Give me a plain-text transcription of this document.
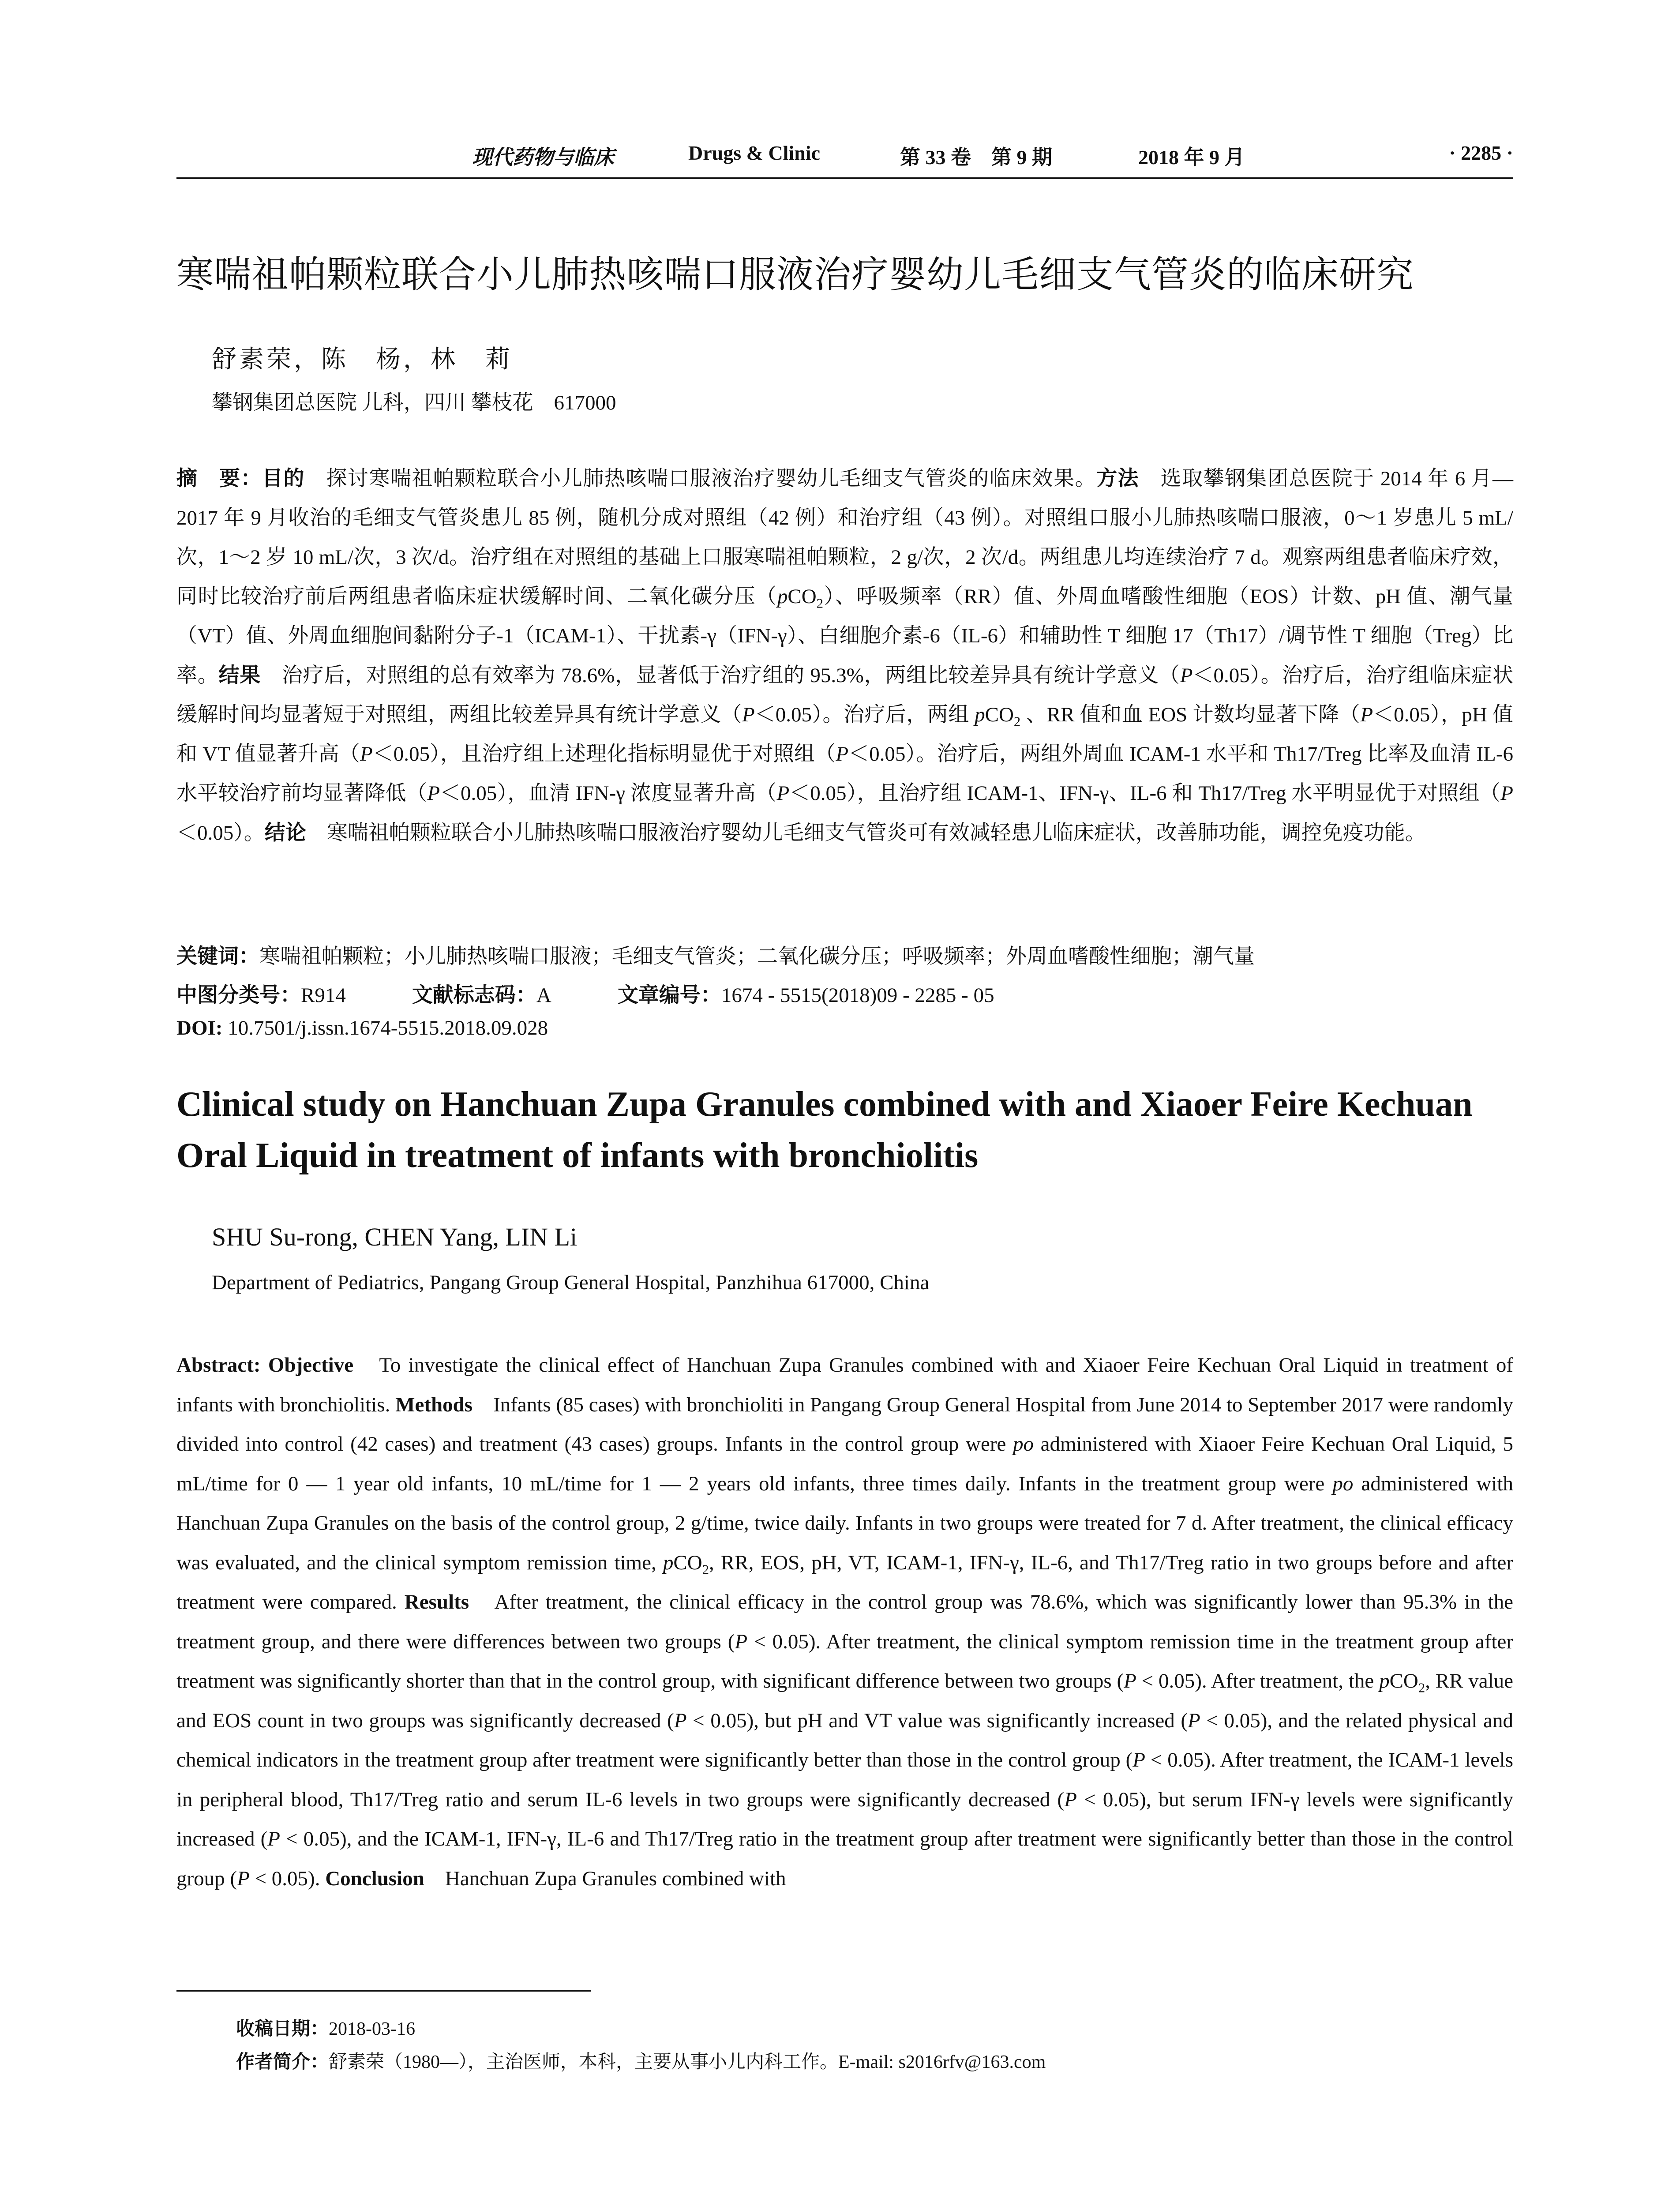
现代药物与临床	Drugs & Clinic	第 33 卷　第 9 期	2018 年 9 月	· 2285 ·
寒喘祖帕颗粒联合小儿肺热咳喘口服液治疗婴幼儿毛细支气管炎的临床研究
舒素荣，陈　杨，林　莉
攀钢集团总医院 儿科，四川 攀枝花　617000
摘　要：目的　探讨寒喘祖帕颗粒联合小儿肺热咳喘口服液治疗婴幼儿毛细支气管炎的临床效果。方法　选取攀钢集团总医院于 2014 年 6 月—2017 年 9 月收治的毛细支气管炎患儿 85 例，随机分成对照组（42 例）和治疗组（43 例）。对照组口服小儿肺热咳喘口服液，0～1 岁患儿 5 mL/次，1～2 岁 10 mL/次，3 次/d。治疗组在对照组的基础上口服寒喘祖帕颗粒，2 g/次，2 次/d。两组患儿均连续治疗 7 d。观察两组患者临床疗效，同时比较治疗前后两组患者临床症状缓解时间、二氧化碳分压（pCO$_2$）、呼吸频率（RR）值、外周血嗜酸性细胞（EOS）计数、pH 值、潮气量（VT）值、外周血细胞间黏附分子-1（ICAM-1）、干扰素-γ（IFN-γ）、白细胞介素-6（IL-6）和辅助性 T 细胞 17（Th17）/调节性 T 细胞（Treg）比率。结果　治疗后，对照组的总有效率为 78.6%，显著低于治疗组的 95.3%，两组比较差异具有统计学意义（P＜0.05）。治疗后，治疗组临床症状缓解时间均显著短于对照组，两组比较差异具有统计学意义（P＜0.05）。治疗后，两组 pCO$_2$ 、RR 值和血 EOS 计数均显著下降（P＜0.05），pH 值和 VT 值显著升高（P＜0.05），且治疗组上述理化指标明显优于对照组（P＜0.05）。治疗后，两组外周血 ICAM-1 水平和 Th17/Treg 比率及血清 IL-6 水平较治疗前均显著降低（P＜0.05），血清 IFN-γ 浓度显著升高（P＜0.05），且治疗组 ICAM-1、IFN-γ、IL-6 和 Th17/Treg 水平明显优于对照组（P＜0.05）。结论　寒喘祖帕颗粒联合小儿肺热咳喘口服液治疗婴幼儿毛细支气管炎可有效减轻患儿临床症状，改善肺功能，调控免疫功能。
关键词：寒喘祖帕颗粒；小儿肺热咳喘口服液；毛细支气管炎；二氧化碳分压；呼吸频率；外周血嗜酸性细胞；潮气量
中图分类号：R914	文献标志码：A	文章编号：1674 - 5515(2018)09 - 2285 - 05
DOI: 10.7501/j.issn.1674-5515.2018.09.028
Clinical study on Hanchuan Zupa Granules combined with and Xiaoer Feire Kechuan Oral Liquid in treatment of infants with bronchiolitis
SHU Su-rong, CHEN Yang, LIN Li
Department of Pediatrics, Pangang Group General Hospital, Panzhihua 617000, China
Abstract: Objective　To investigate the clinical effect of Hanchuan Zupa Granules combined with and Xiaoer Feire Kechuan Oral Liquid in treatment of infants with bronchiolitis. Methods　Infants (85 cases) with bronchioliti in Pangang Group General Hospital from June 2014 to September 2017 were randomly divided into control (42 cases) and treatment (43 cases) groups. Infants in the control group were po administered with Xiaoer Feire Kechuan Oral Liquid, 5 mL/time for 0 — 1 year old infants, 10 mL/time for 1 — 2 years old infants, three times daily. Infants in the treatment group were po administered with Hanchuan Zupa Granules on the basis of the control group, 2 g/time, twice daily. Infants in two groups were treated for 7 d. After treatment, the clinical efficacy was evaluated, and the clinical symptom remission time, pCO$_2$, RR, EOS, pH, VT, ICAM-1, IFN-γ, IL-6, and Th17/Treg ratio in two groups before and after treatment were compared. Results　After treatment, the clinical efficacy in the control group was 78.6%, which was significantly lower than 95.3% in the treatment group, and there were differences between two groups (P < 0.05). After treatment, the clinical symptom remission time in the treatment group after treatment was significantly shorter than that in the control group, with significant difference between two groups (P < 0.05). After treatment, the pCO$_2$, RR value and EOS count in two groups was significantly decreased (P < 0.05), but pH and VT value was significantly increased (P < 0.05), and the related physical and chemical indicators in the treatment group after treatment were significantly better than those in the control group (P < 0.05). After treatment, the ICAM-1 levels in peripheral blood, Th17/Treg ratio and serum IL-6 levels in two groups were significantly decreased (P < 0.05), but serum IFN-γ levels were significantly increased (P < 0.05), and the ICAM-1, IFN-γ, IL-6 and Th17/Treg ratio in the treatment group after treatment were significantly better than those in the control group (P < 0.05). Conclusion　Hanchuan Zupa Granules combined with
收稿日期：2018-03-16
作者简介：舒素荣（1980—），主治医师，本科，主要从事小儿内科工作。E-mail: s2016rfv@163.com
